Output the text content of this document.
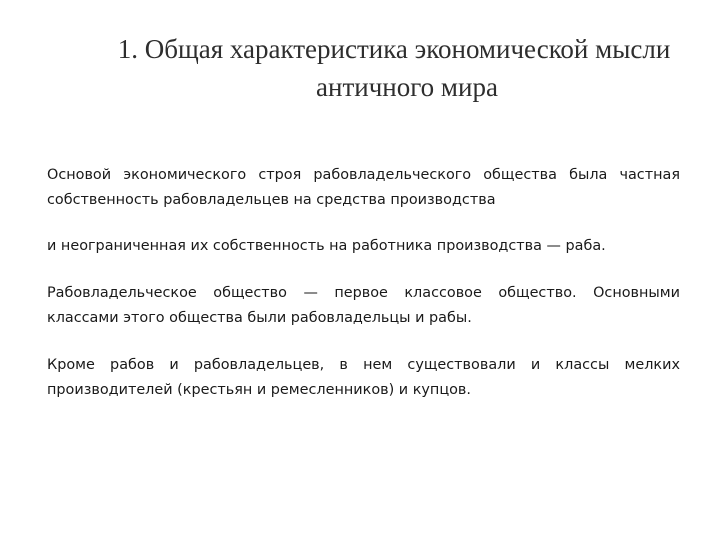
1. Общая характеристика экономической мысли
античного мира

Основой экономического строя рабовладельческого общества была частная собственность рабовладельцев на средства производства

и неограниченная их собственность на работника производства — раба.

Рабовладельческое общество — первое классовое общество. Основными классами этого общества были рабовладельцы и рабы.

Кроме рабов и рабовладельцев, в нем существовали и классы мелких производителей (крестьян и ремесленников) и купцов.
